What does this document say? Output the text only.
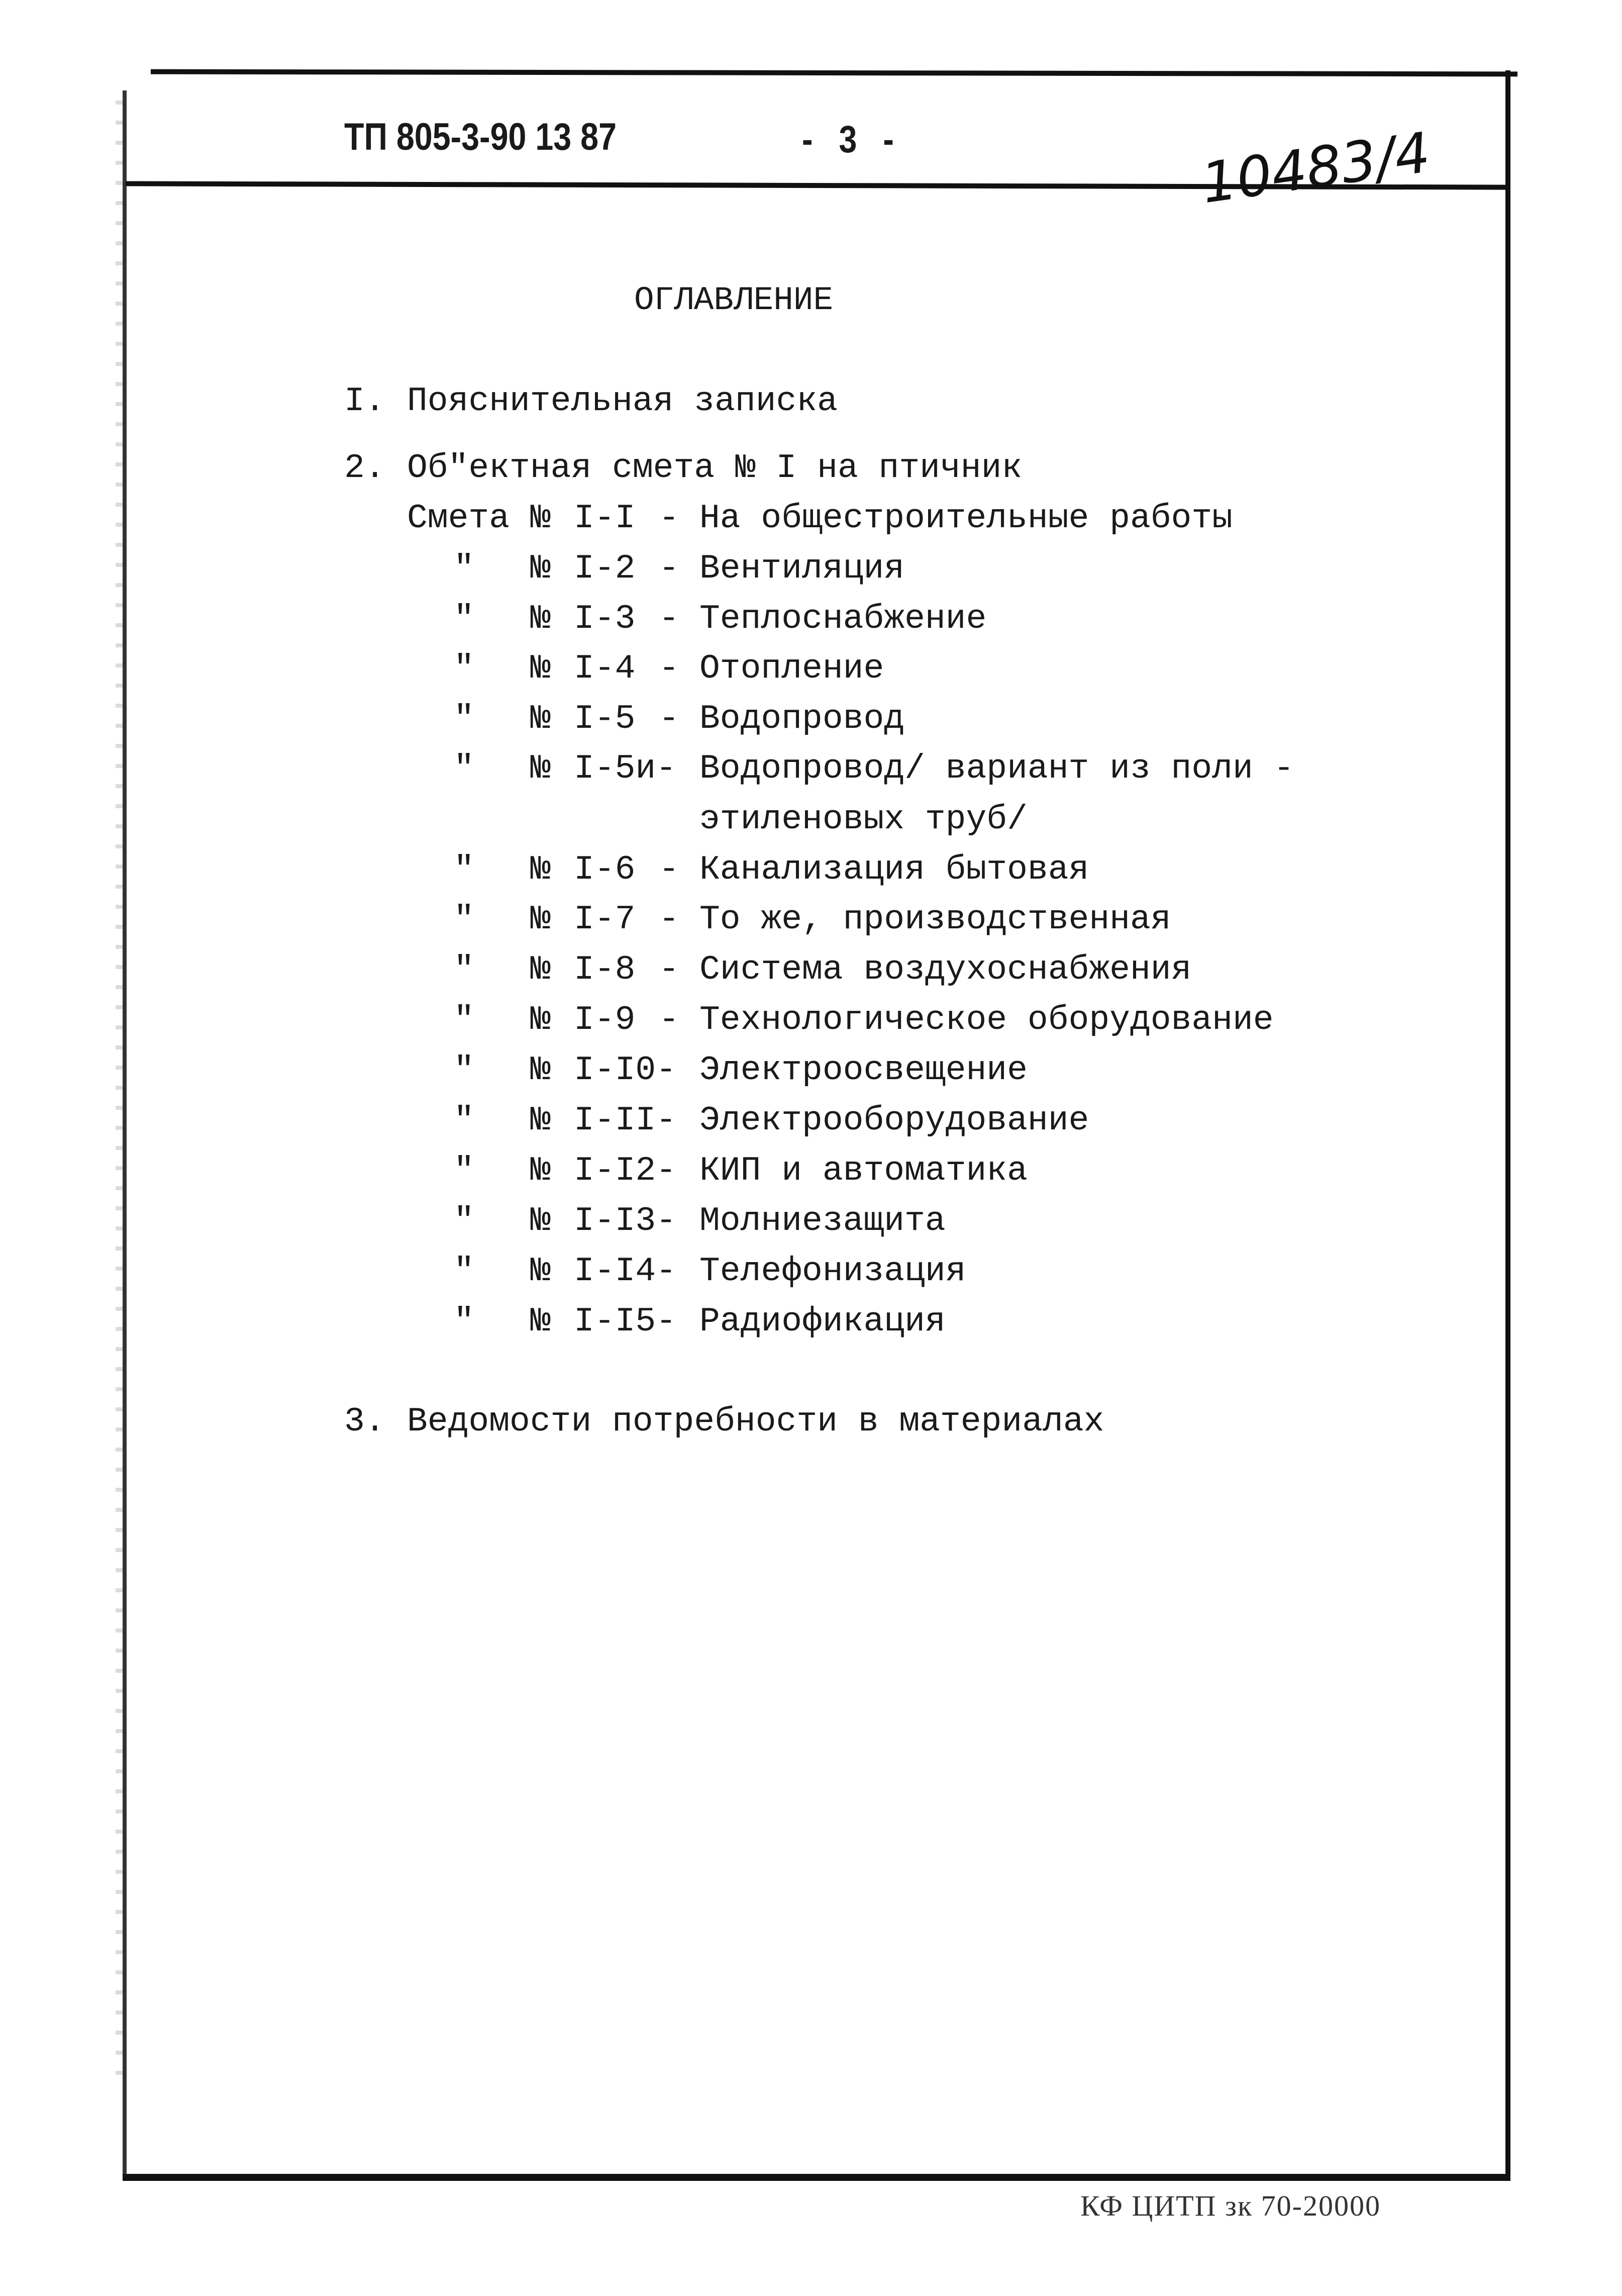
ТП 805-3-90 13 87	- 3 -	10483/4
ОГЛАВЛЕНИЕ
I. Пояснительная записка
2. Об"ектная смета № I на птичник
3. Ведомости потребности в материалах
Смета № I-I - На общестроительные работы
" № I-2 - Вентиляция
" № I-3 - Теплоснабжение
" № I-4 - Отопление
" № I-5 - Водопровод
" № I-5и- Водопровод/ вариант из поли -
этиленовых труб/
" № I-6 - Канализация бытовая
" № I-7 - То же, производственная
" № I-8 - Система воздухоснабжения
" № I-9 - Технологическое оборудование
" № I-I0- Электроосвещение
" № I-II- Электрооборудование
" № I-I2- КИП и автоматика
" № I-I3- Молниезащита
" № I-I4- Телефонизация
" № I-I5- Радиофикация
КФ ЦИТП зк 70-20000
